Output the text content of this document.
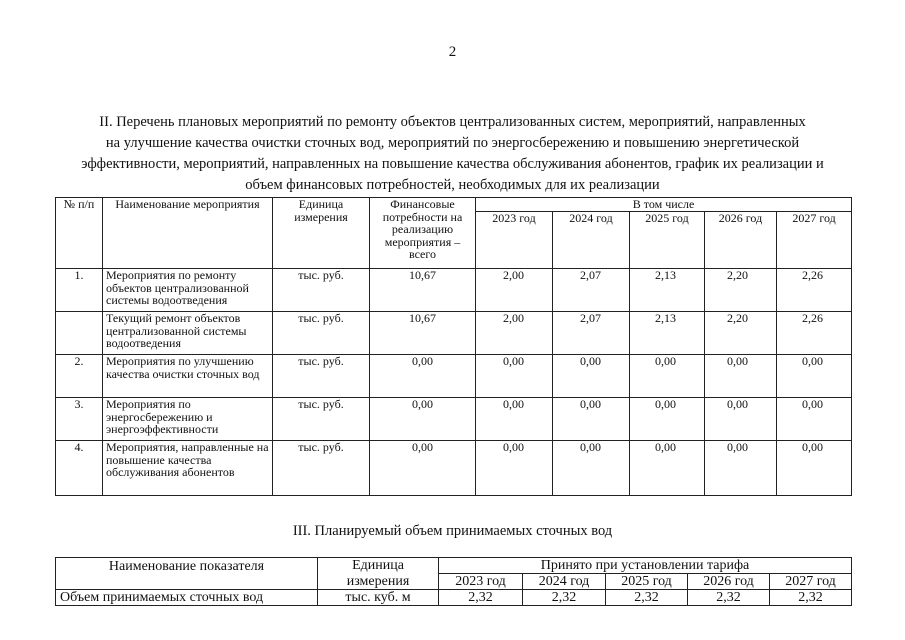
2
II. Перечень плановых мероприятий по ремонту объектов централизованных систем, мероприятий, направленных
на улучшение качества очистки сточных вод, мероприятий по энергосбережению и повышению энергетической
эффективности, мероприятий, направленных на повышение качества обслуживания абонентов, график их реализации и
объем финансовых потребностей, необходимых для их реализации
№ п/п	Наименование мероприятия	Единица измерения	Финансовые потребности на реализацию мероприятия – всего	В том числе				
				2023 год	2024 год	2025 год	2026 год	2027 год
1.	Мероприятия по ремонту объектов централизованной системы водоотведения	тыс. руб.	10,67	2,00	2,07	2,13	2,20	2,26
	Текущий ремонт объектов централизованной системы водоотведения	тыс. руб.	10,67	2,00	2,07	2,13	2,20	2,26
2.	Мероприятия по улучшению качества очистки сточных вод	тыс. руб.	0,00	0,00	0,00	0,00	0,00	0,00
3.	Мероприятия по энергосбережению и энергоэффективности	тыс. руб.	0,00	0,00	0,00	0,00	0,00	0,00
4.	Мероприятия, направленные на повышение качества обслуживания абонентов	тыс. руб.	0,00	0,00	0,00	0,00	0,00	0,00
III. Планируемый объем принимаемых сточных вод
Наименование показателя	Единица	Принято при установлении тарифа				
	измерения	2023 год	2024 год	2025 год	2026 год	2027 год
Объем принимаемых сточных вод	тыс. куб. м	2,32	2,32	2,32	2,32	2,32
